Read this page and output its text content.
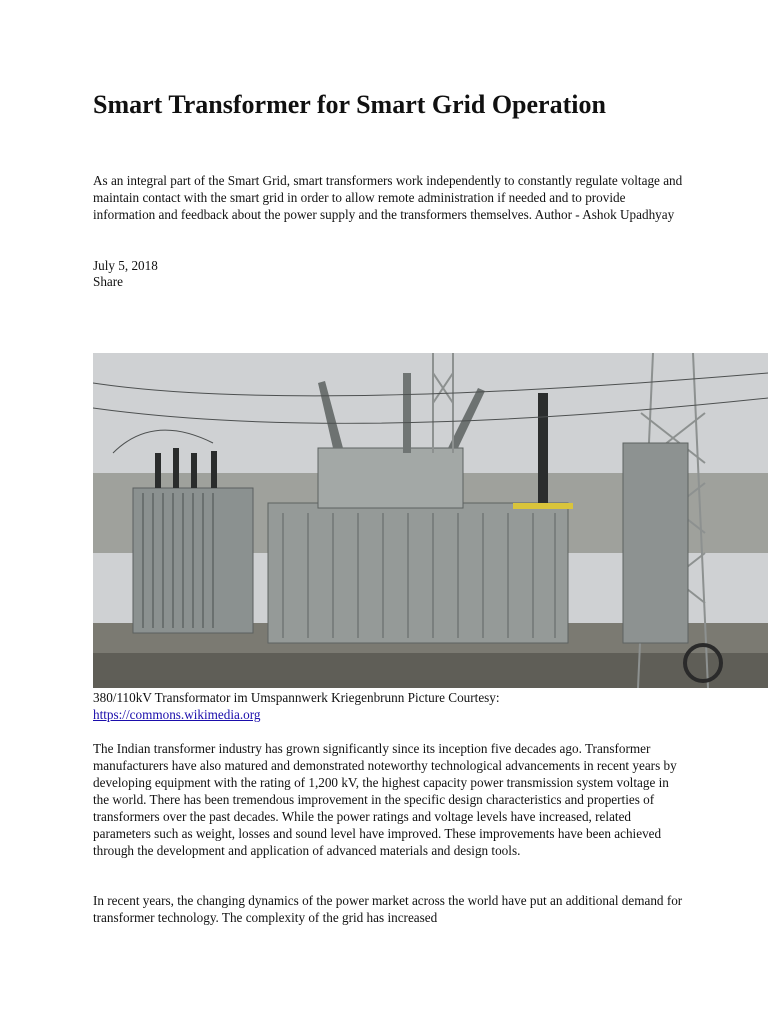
Smart Transformer for Smart Grid Operation

As an integral part of the Smart Grid, smart transformers work independently to constantly regulate voltage and maintain contact with the smart grid in order to allow remote administration if needed and to provide information and feedback about the power supply and the transformers themselves. Author - Ashok Upadhyay

July 5, 2018
Share

380/110kV Transformator im Umspannwerk Kriegenbrunn Picture Courtesy:
https://commons.wikimedia.org

The Indian transformer industry has grown significantly since its inception five decades ago. Transformer manufacturers have also matured and demonstrated noteworthy technological advancements in recent years by developing equipment with the rating of 1,200 kV, the highest capacity power transmission system voltage in the world. There has been tremendous improvement in the specific design characteristics and properties of transformers over the past decades. While the power ratings and voltage levels have increased, related parameters such as weight, losses and sound level have improved. These improvements have been achieved through the development and application of advanced materials and design tools.

In recent years, the changing dynamics of the power market across the world have put an additional demand for transformer technology. The complexity of the grid has increased
